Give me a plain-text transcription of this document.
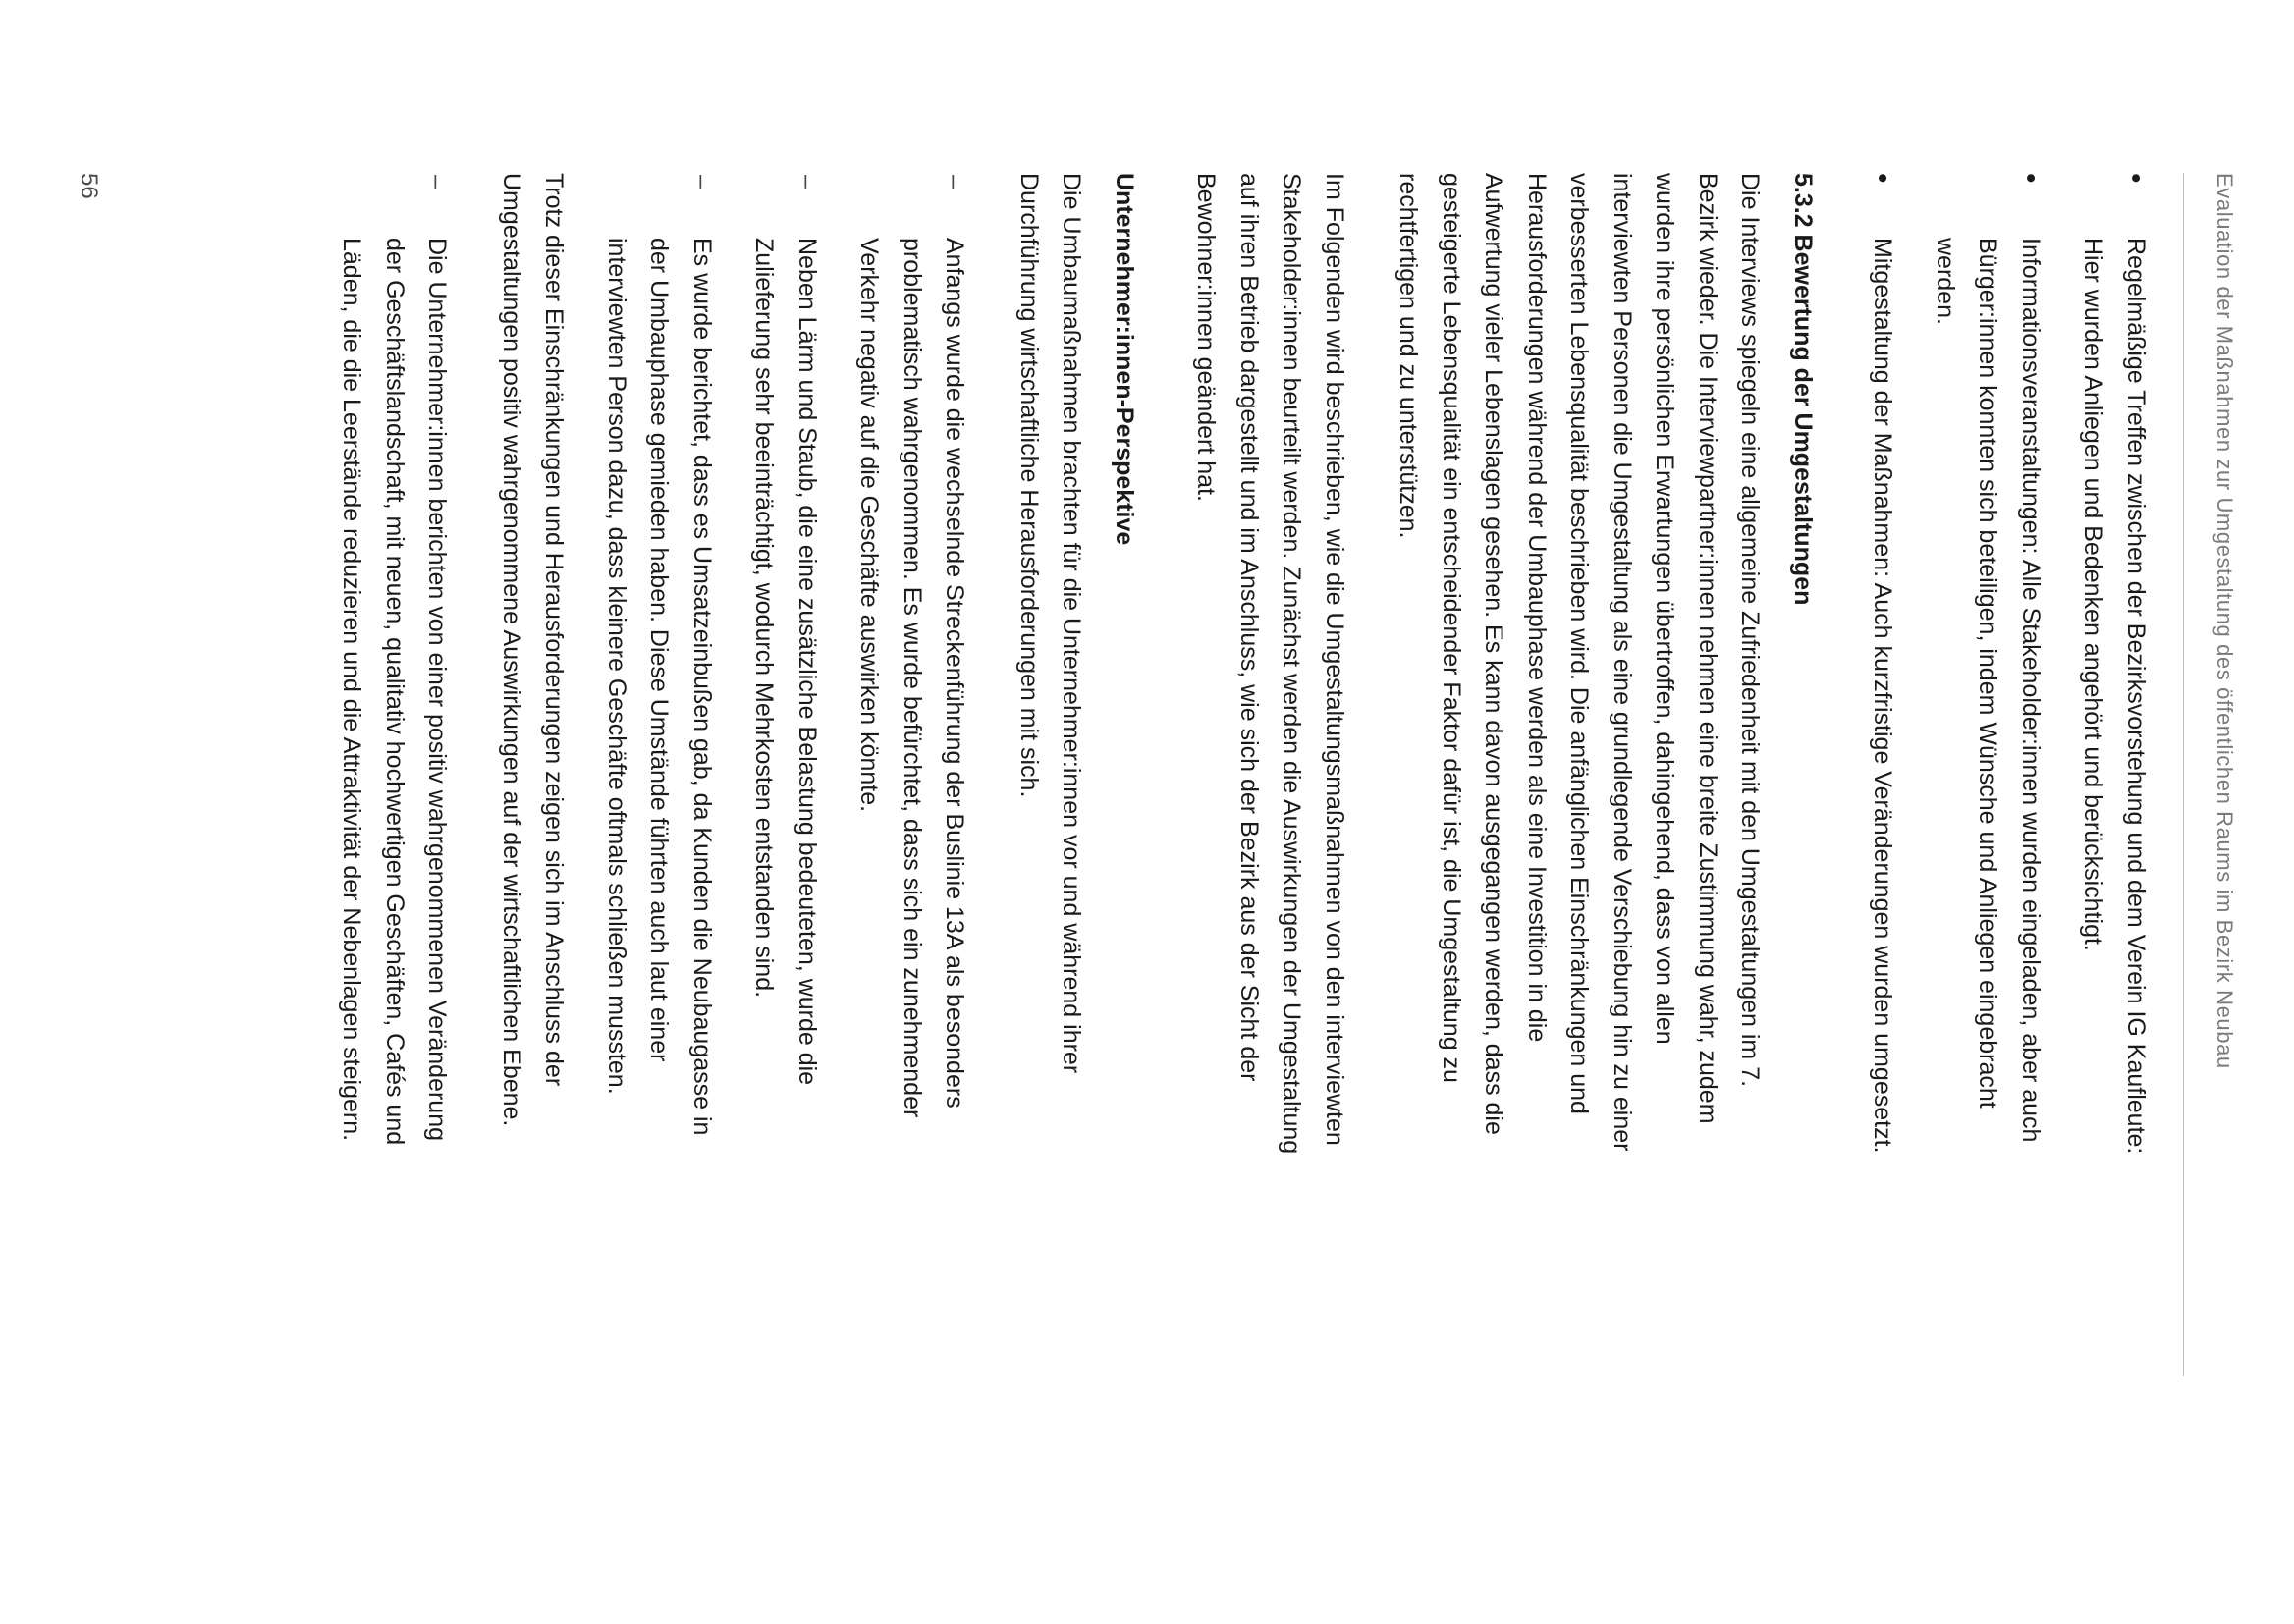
Evaluation der Maßnahmen zur Umgestaltung des öffentlichen Raums im Bezirk Neubau
•
Regelmäßige Treffen zwischen der Bezirksvorstehung und dem Verein IG Kaufleute: Hier wurden Anliegen und Bedenken angehört und berücksichtigt.
•
Informationsveranstaltungen: Alle Stakeholder:innen wurden eingeladen, aber auch Bürger:innen konnten sich beteiligen, indem Wünsche und Anliegen eingebracht werden.
•
Mitgestaltung der Maßnahmen: Auch kurzfristige Veränderungen wurden umgesetzt.
5.3.2 Bewertung der Umgestaltungen

Die Interviews spiegeln eine allgemeine Zufriedenheit mit den Umgestaltungen im 7. Bezirk wieder. Die Interviewpartner:innen nehmen eine breite Zustimmung wahr, zudem wurden ihre persönlichen Erwartungen übertroffen, dahingehend, dass von allen interviewten Personen die Umgestaltung als eine grundlegende Verschiebung hin zu einer verbesserten Lebensqualität beschrieben wird. Die anfänglichen Einschränkungen und Herausforderungen während der Umbauphase werden als eine Investition in die Aufwertung vieler Lebenslagen gesehen. Es kann davon ausgegangen werden, dass die gesteigerte Lebensqualität ein entscheidender Faktor dafür ist, die Umgestaltung zu rechtfertigen und zu unterstützen.

Im Folgenden wird beschrieben, wie die Umgestaltungsmaßnahmen von den interviewten Stakeholder:innen beurteilt werden. Zunächst werden die Auswirkungen der Umgestaltung auf ihren Betrieb dargestellt und im Anschluss, wie sich der Bezirk aus der Sicht der Bewohner:innen geändert hat.

Unternehmer:innen-Perspektive

Die Umbaumaßnahmen brachten für die Unternehmer:innen vor und während ihrer Durchführung wirtschaftliche Herausforderungen mit sich.

–
Anfangs wurde die wechselnde Streckenführung der Buslinie 13A als besonders problematisch wahrgenommen. Es wurde befürchtet, dass sich ein zunehmender Verkehr negativ auf die Geschäfte auswirken könnte.
–
Neben Lärm und Staub, die eine zusätzliche Belastung bedeuteten, wurde die Zulieferung sehr beeinträchtigt, wodurch Mehrkosten entstanden sind.
–
Es wurde berichtet, dass es Umsatzeinbußen gab, da Kunden die Neubaugasse in der Umbauphase gemieden haben. Diese Umstände führten auch laut einer interviewten Person dazu, dass kleinere Geschäfte oftmals schließen mussten.

Trotz dieser Einschränkungen und Herausforderungen zeigen sich im Anschluss der Umgestaltungen positiv wahrgenommene Auswirkungen auf der wirtschaftlichen Ebene.

–
Die Unternehmer:innen berichten von einer positiv wahrgenommenen Veränderung der Geschäftslandschaft, mit neuen, qualitativ hochwertigen Geschäften, Cafés und Läden, die die Leerstände reduzieren und die Attraktivität der Nebenlagen steigern.
56
